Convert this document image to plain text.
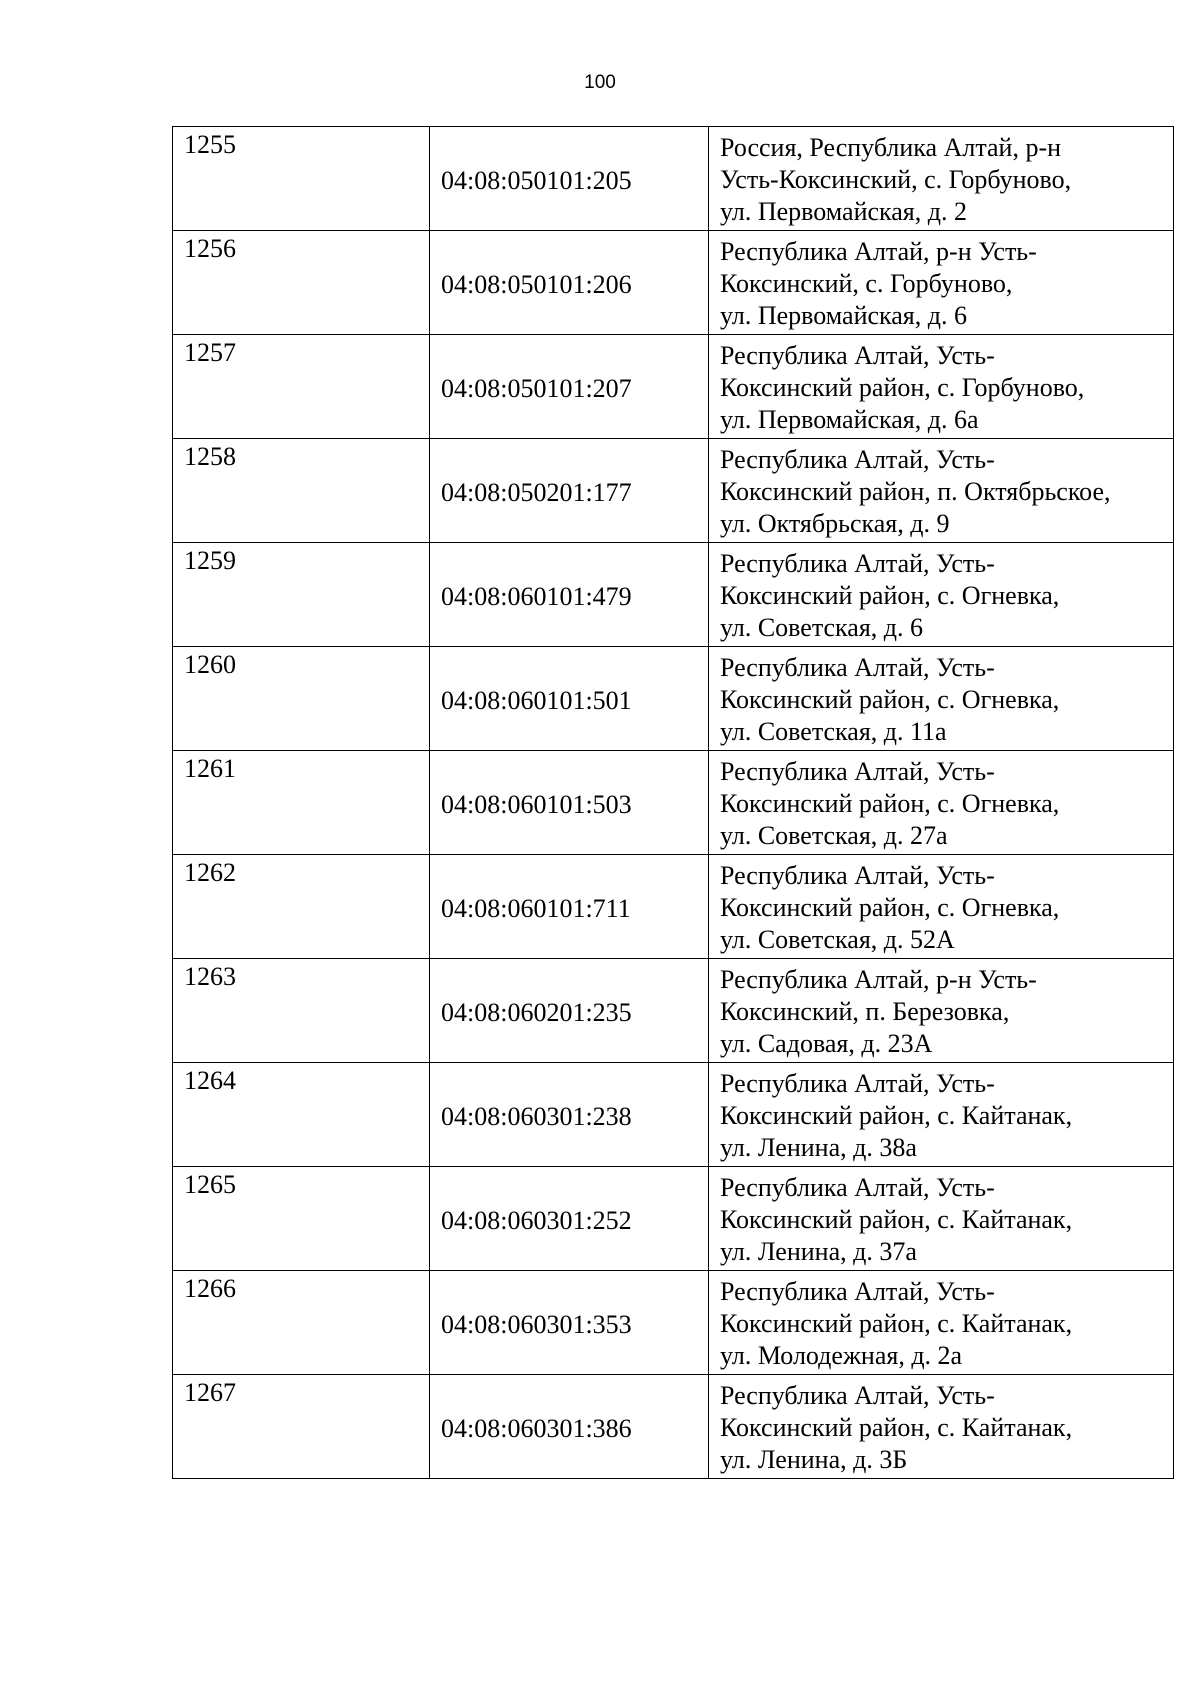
100
1255	04:08:050101:205	Россия, Республика Алтай, р-н
Усть-Коксинский, с. Горбуново,
ул. Первомайская, д. 2

1256	04:08:050101:206	Республика Алтай, р-н Усть-
Коксинский, с. Горбуново,
ул. Первомайская, д. 6

1257	04:08:050101:207	Республика Алтай, Усть-
Коксинский район, с. Горбуново,
ул. Первомайская, д. 6а

1258	04:08:050201:177	Республика Алтай, Усть-
Коксинский район, п. Октябрьское,
ул. Октябрьская, д. 9

1259	04:08:060101:479	Республика Алтай, Усть-
Коксинский район, с. Огневка,
ул. Советская, д. 6

1260	04:08:060101:501	Республика Алтай, Усть-
Коксинский район, с. Огневка,
ул. Советская, д. 11а

1261	04:08:060101:503	Республика Алтай, Усть-
Коксинский район, с. Огневка,
ул. Советская, д. 27а

1262	04:08:060101:711	Республика Алтай, Усть-
Коксинский район, с. Огневка,
ул. Советская, д. 52А

1263	04:08:060201:235	Республика Алтай, р-н Усть-
Коксинский, п. Березовка,
ул. Садовая, д. 23А

1264	04:08:060301:238	Республика Алтай, Усть-
Коксинский район, с. Кайтанак,
ул. Ленина, д. 38а

1265	04:08:060301:252	Республика Алтай, Усть-
Коксинский район, с. Кайтанак,
ул. Ленина, д. 37а

1266	04:08:060301:353	Республика Алтай, Усть-
Коксинский район, с. Кайтанак,
ул. Молодежная, д. 2а

1267	04:08:060301:386	Республика Алтай, Усть-
Коксинский район, с. Кайтанак,
ул. Ленина, д. 3Б
